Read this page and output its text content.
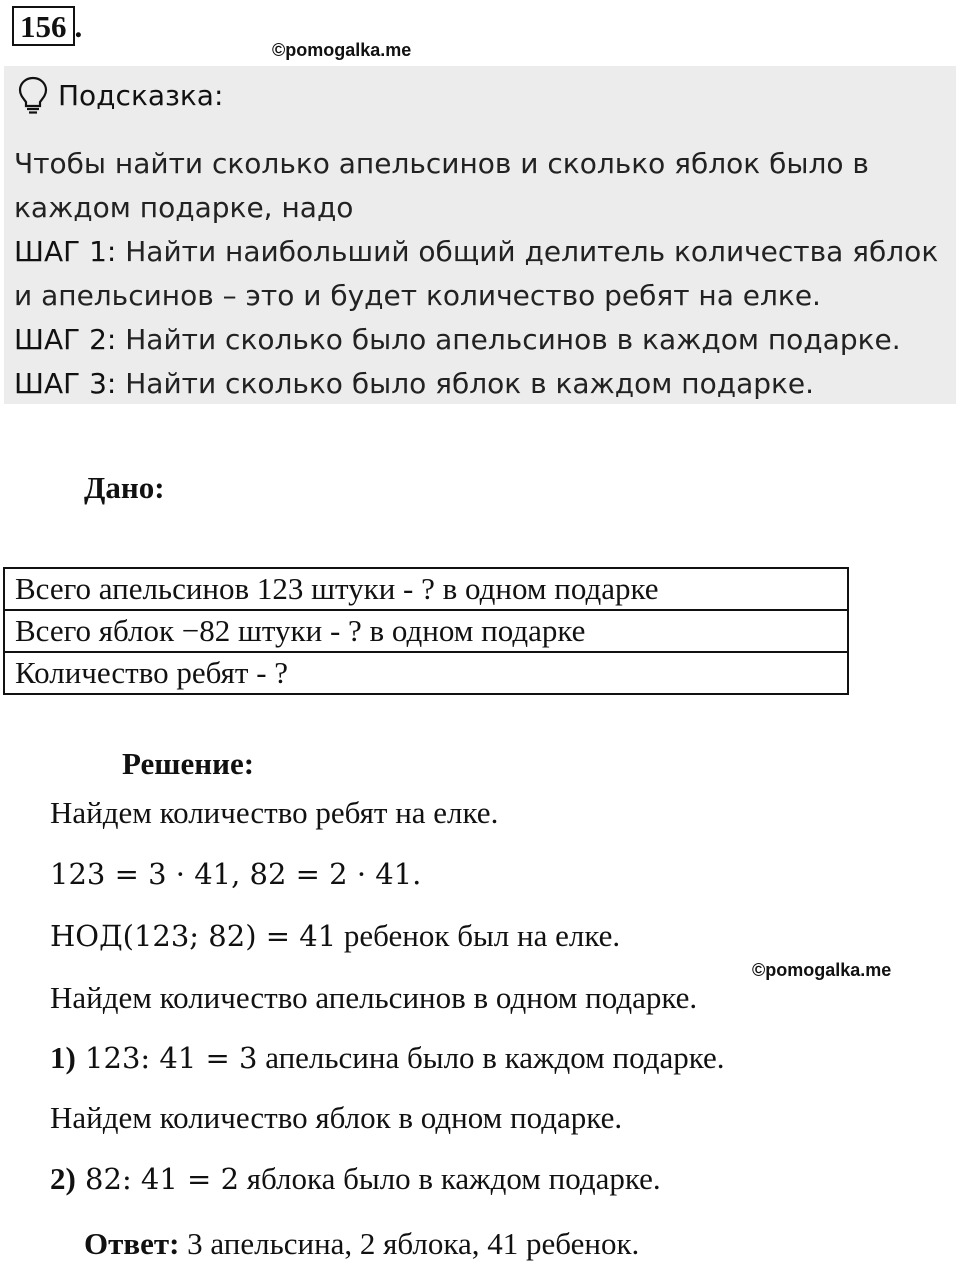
156 .
©pomogalka.me
Подсказка:

Чтобы найти сколько апельсинов и сколько яблок было в

каждом подарке, надо

ШАГ 1: Найти наибольший общий делитель количества яблок

и апельсинов – это и будет количество ребят на елке.

ШАГ 2: Найти сколько было апельсинов в каждом подарке.

ШАГ 3: Найти сколько было яблок в каждом подарке.

Дано:
Всего апельсинов 123 штуки - ? в одном подарке
Всего яблок −82 штуки - ? в одном подарке
Количество ребят - ?
Решение:
Найдем количество ребят на елке.
123 = 3 · 41, 82 = 2 · 41.
НОД(123; 82) = 41 ребенок был на елке.
©pomogalka.me
Найдем количество апельсинов в одном подарке.
1) 123: 41 = 3 апельсина было в каждом подарке.
Найдем количество яблок в одном подарке.
2) 82: 41 = 2 яблока было в каждом подарке.
Ответ: 3 апельсина, 2 яблока, 41 ребенок.
